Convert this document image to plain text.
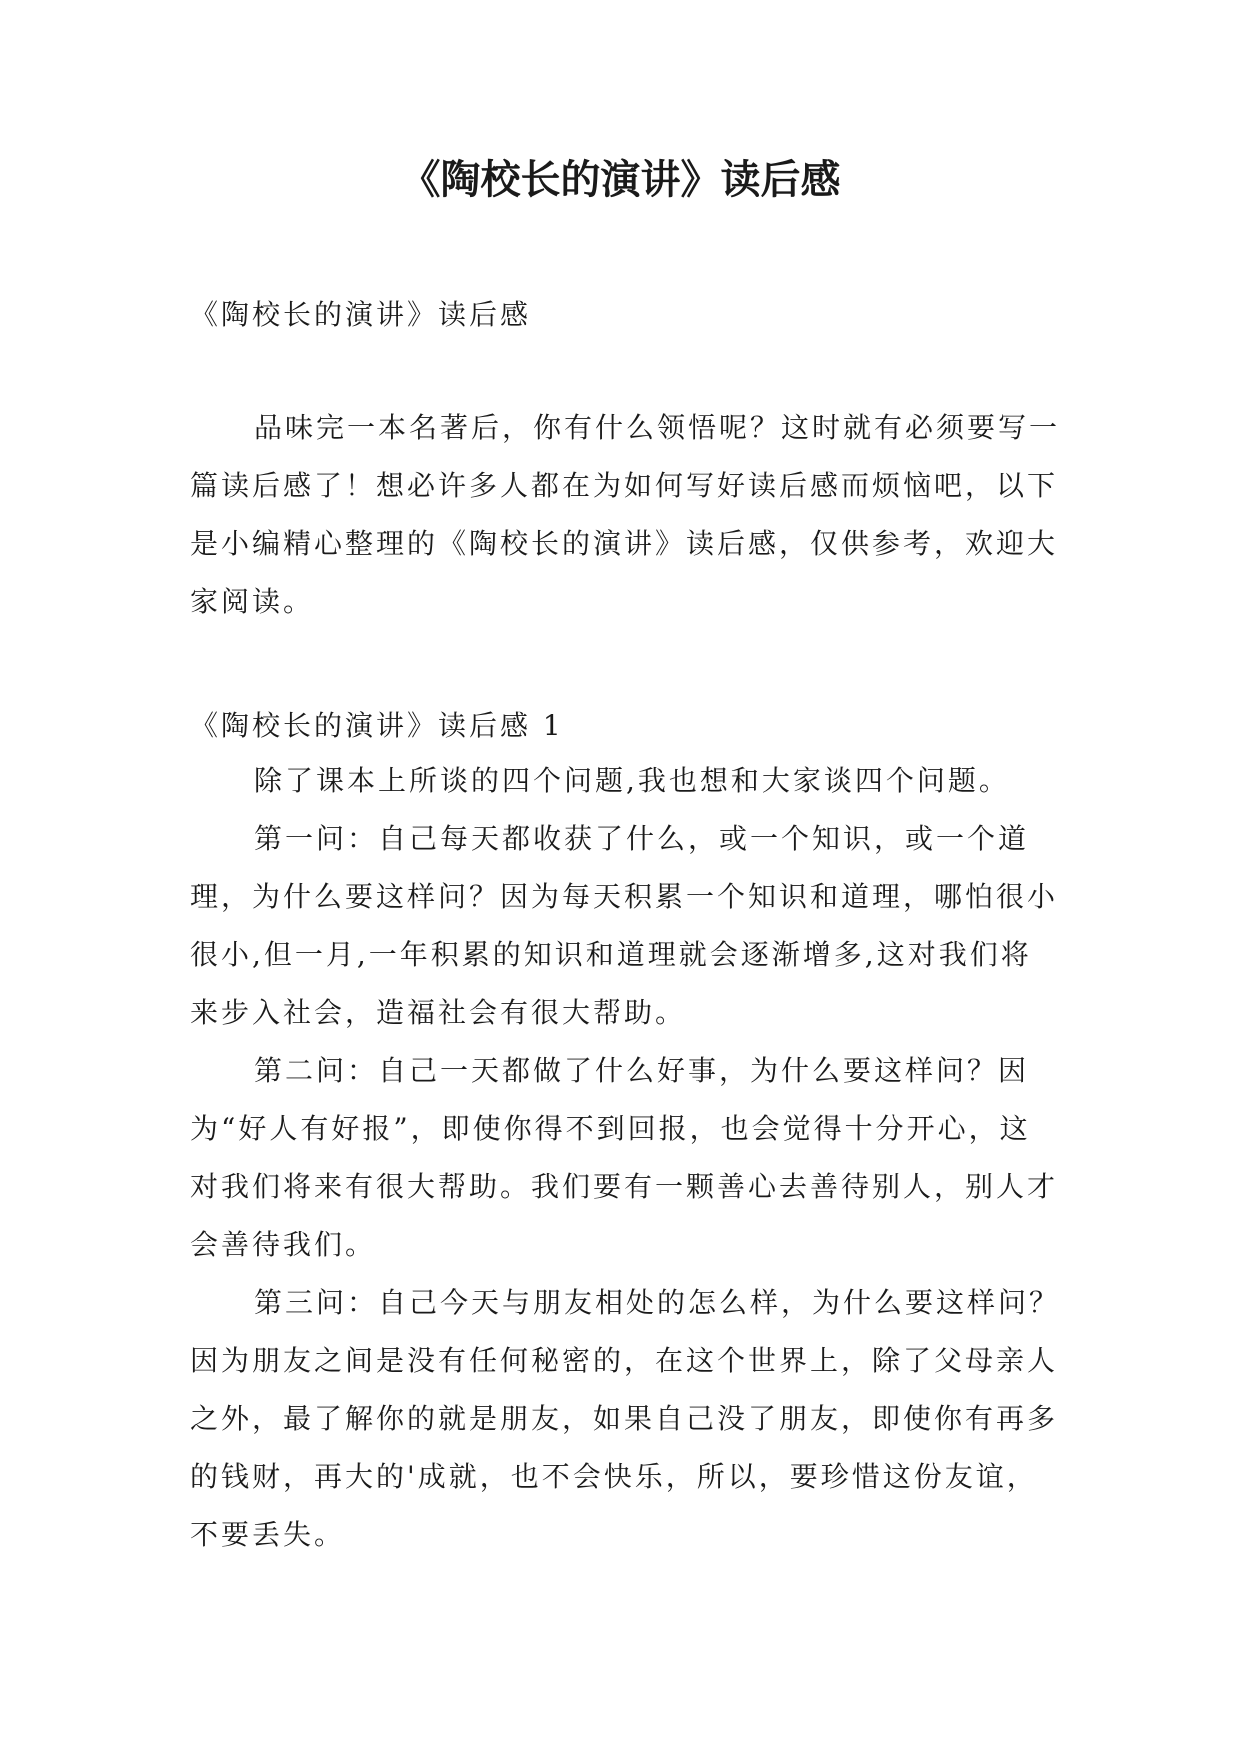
《陶校长的演讲》读后感

《陶校长的演讲》读后感

品味完一本名著后，你有什么领悟呢？这时就有必须要写一篇读后感了！想必许多人都在为如何写好读后感而烦恼吧，以下是小编精心整理的《陶校长的演讲》读后感，仅供参考，欢迎大家阅读。

《陶校长的演讲》读后感 1

除了课本上所谈的四个问题,我也想和大家谈四个问题。

第一问：自己每天都收获了什么，或一个知识，或一个道理，为什么要这样问？因为每天积累一个知识和道理，哪怕很小很小,但一月,一年积累的知识和道理就会逐渐增多,这对我们将来步入社会，造福社会有很大帮助。

第二问：自己一天都做了什么好事，为什么要这样问？因为“好人有好报”，即使你得不到回报，也会觉得十分开心，这对我们将来有很大帮助。我们要有一颗善心去善待别人，别人才会善待我们。

第三问：自己今天与朋友相处的怎么样，为什么要这样问？因为朋友之间是没有任何秘密的，在这个世界上，除了父母亲人之外，最了解你的就是朋友，如果自己没了朋友，即使你有再多的钱财，再大的'成就，也不会快乐，所以，要珍惜这份友谊，不要丢失。
